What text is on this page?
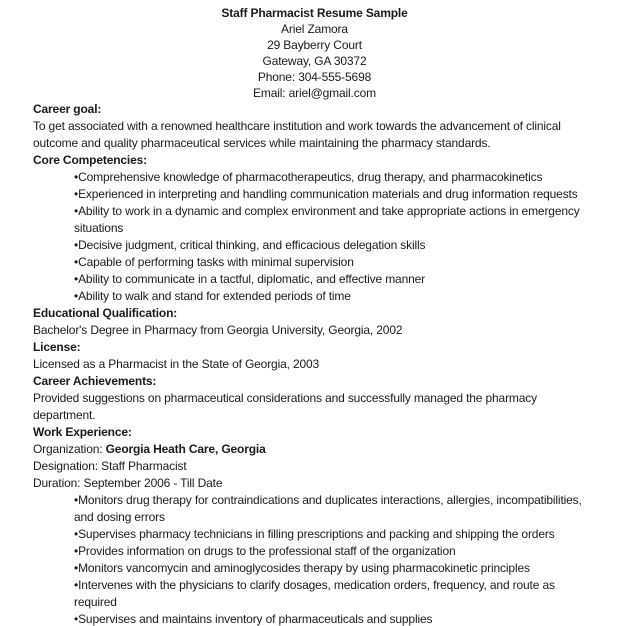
Staff Pharmacist Resume Sample
Ariel Zamora
29 Bayberry Court
Gateway, GA 30372
Phone: 304-555-5698
Email: ariel@gmail.com
Career goal:

To get associated with a renowned healthcare institution and work towards the advancement of clinical outcome and quality pharmaceutical services while maintaining the pharmacy standards.

Core Competencies:
•Comprehensive knowledge of pharmacotherapeutics, drug therapy, and pharmacokinetics
•Experienced in interpreting and handling communication materials and drug information requests
•Ability to work in a dynamic and complex environment and take appropriate actions in emergency situations
•Decisive judgment, critical thinking, and efficacious delegation skills
•Capable of performing tasks with minimal supervision
•Ability to communicate in a tactful, diplomatic, and effective manner
•Ability to walk and stand for extended periods of time
Educational Qualification:

Bachelor's Degree in Pharmacy from Georgia University, Georgia, 2002

License:

Licensed as a Pharmacist in the State of Georgia, 2003

Career Achievements:

Provided suggestions on pharmaceutical considerations and successfully managed the pharmacy department.

Work Experience:
Organization: Georgia Heath Care, Georgia
Designation: Staff Pharmacist
Duration: September 2006 - Till Date
•Monitors drug therapy for contraindications and duplicates interactions, allergies, incompatibilities, and dosing errors
•Supervises pharmacy technicians in filling prescriptions and packing and shipping the orders
•Provides information on drugs to the professional staff of the organization
•Monitors vancomycin and aminoglycosides therapy by using pharmacokinetic principles
•Intervenes with the physicians to clarify dosages, medication orders, frequency, and route as required
•Supervises and maintains inventory of pharmaceuticals and supplies
